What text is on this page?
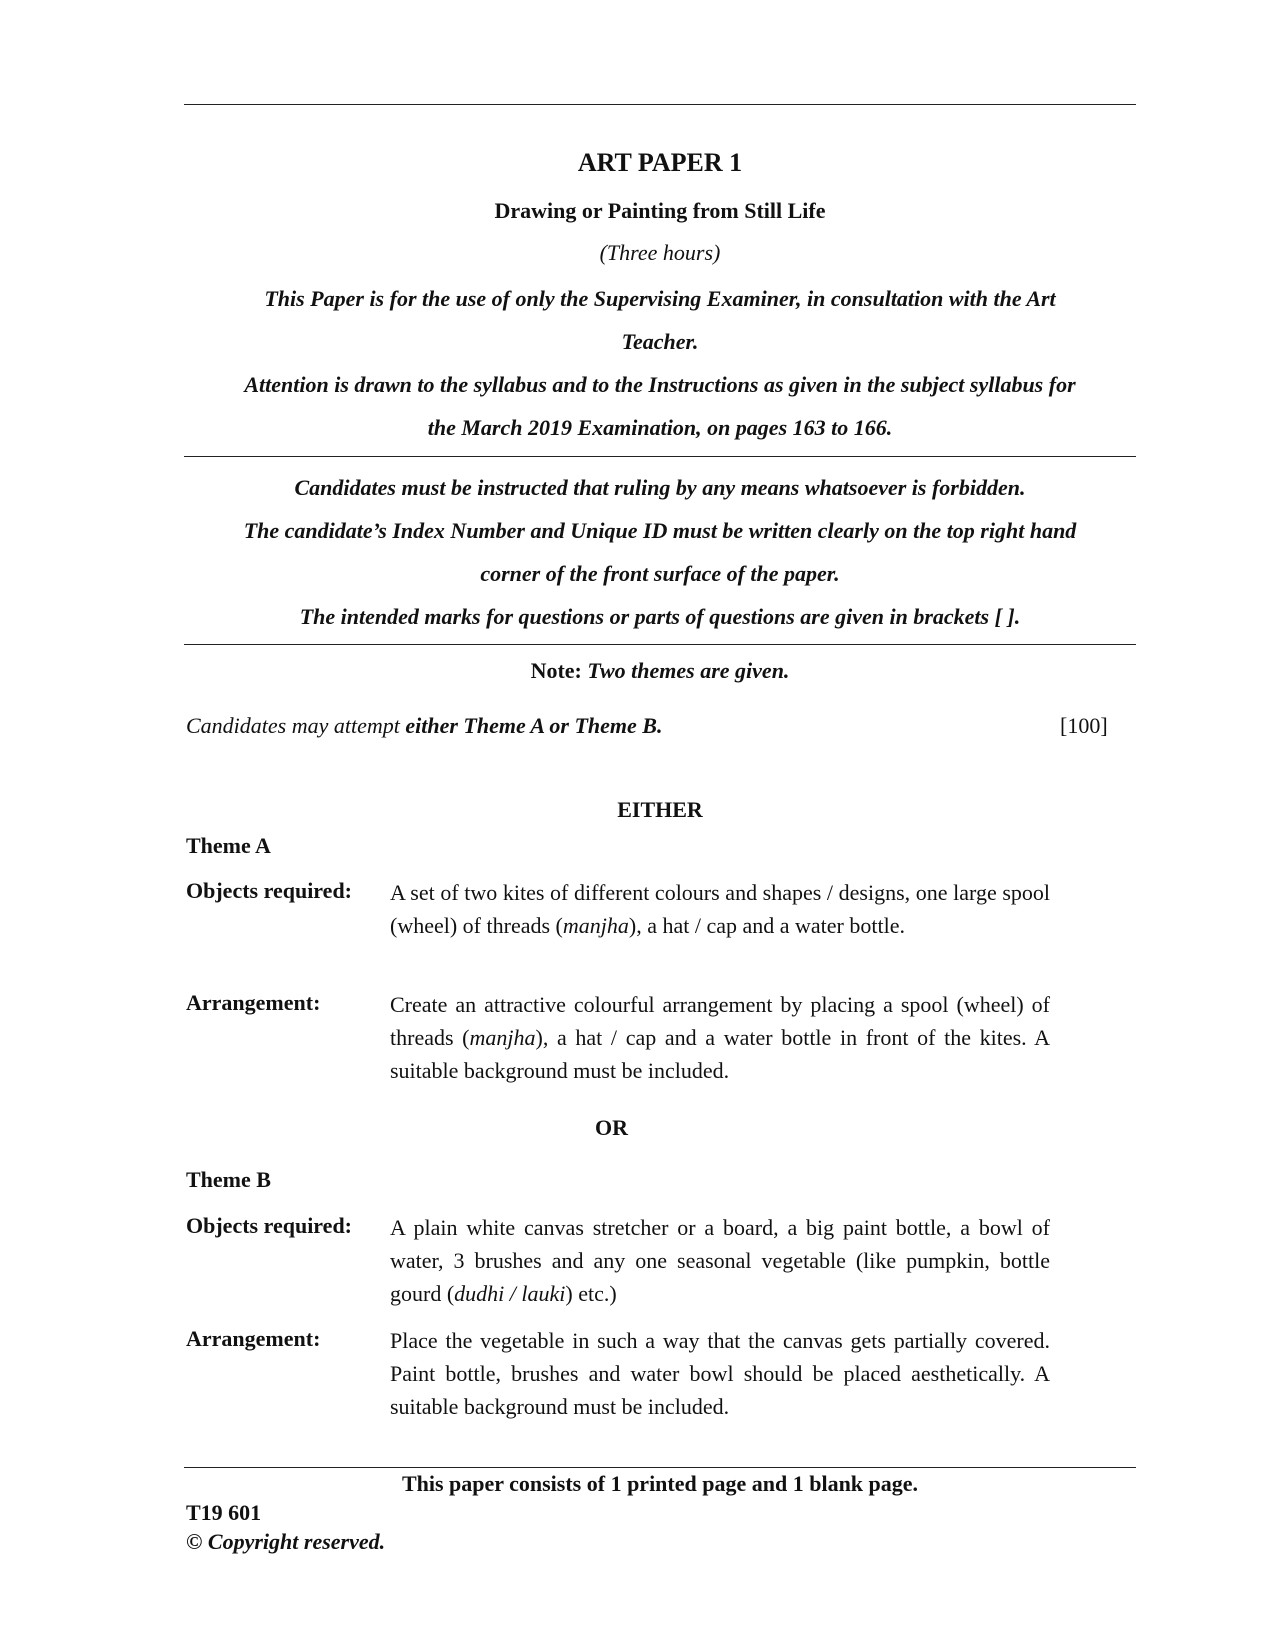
ART PAPER 1
Drawing or Painting from Still Life
(Three hours)
This Paper is for the use of only the Supervising Examiner, in consultation with the Art
Teacher.
Attention is drawn to the syllabus and to the Instructions as given in the subject syllabus for
the March 2019 Examination, on pages 163 to 166.
Candidates must be instructed that ruling by any means whatsoever is forbidden.
The candidate’s Index Number and Unique ID must be written clearly on the top right hand
corner of the front surface of the paper.
The intended marks for questions or parts of questions are given in brackets [ ].
Note: Two themes are given.
Candidates may attempt either Theme A or Theme B.	[100]
EITHER
Theme A
Objects required: A set of two kites of different colours and shapes / designs, one large spool (wheel) of threads (manjha), a hat / cap and a water bottle.
Arrangement:	Create an attractive colourful arrangement by placing a spool (wheel) of threads (manjha), a hat / cap and a water bottle in front of the kites. A suitable background must be included.
OR
Theme B
Objects required: A plain white canvas stretcher or a board, a big paint bottle, a bowl of water, 3 brushes and any one seasonal vegetable (like pumpkin, bottle gourd (dudhi / lauki) etc.)
Arrangement:	Place the vegetable in such a way that the canvas gets partially covered. Paint bottle, brushes and water bowl should be placed aesthetically. A suitable background must be included.
This paper consists of 1 printed page and 1 blank page.
T19 601
© Copyright reserved.
